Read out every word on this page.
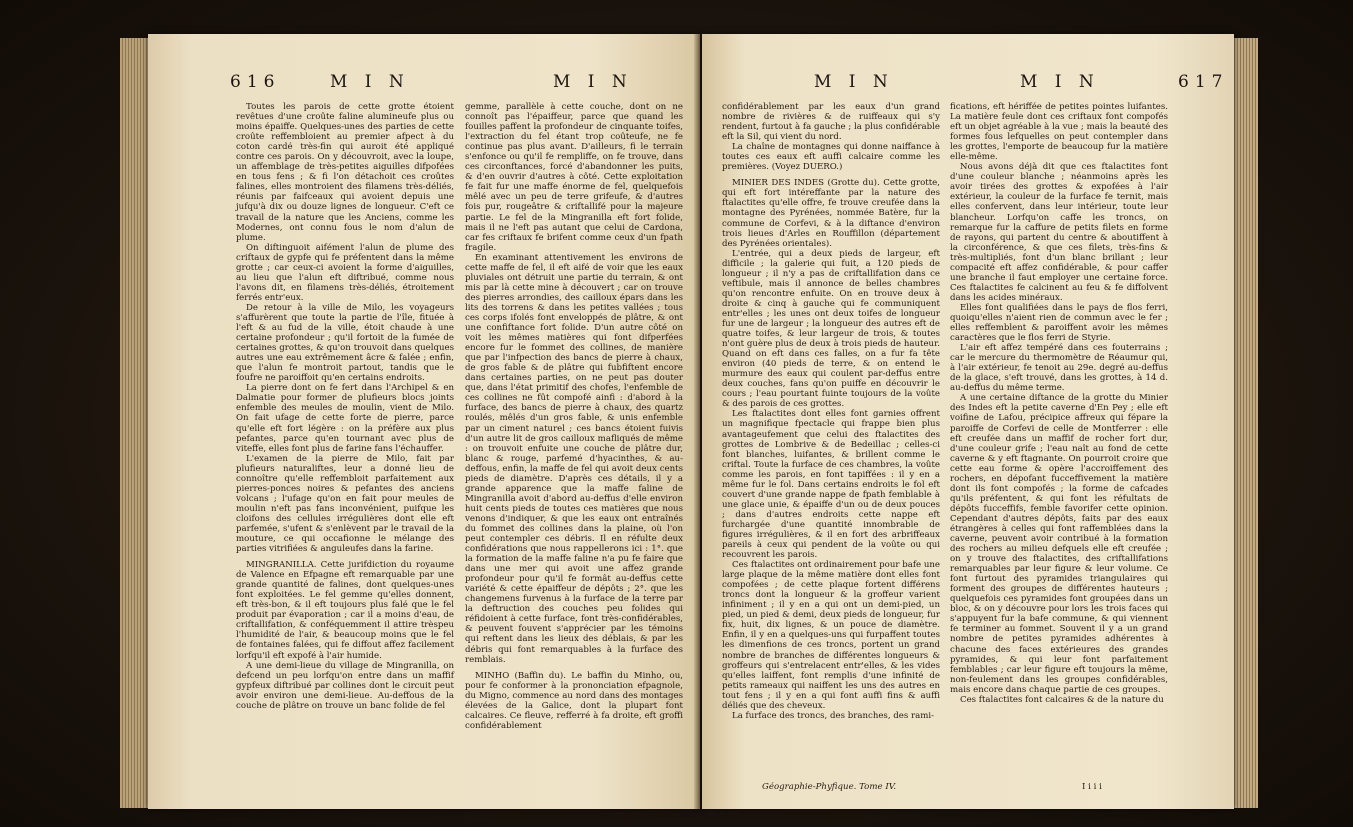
616	M I N	M I N

Toutes les parois de cette grotte étoient revêtues d'une croûte faline alumineufe plus ou moins épaiffe. Quelques-unes des parties de cette croûte reffembloient au premier afpect à du coton cardé très-fin qui auroit été appliqué contre ces parois. On y découvroit, avec la loupe, un affemblage de très-petites aiguilles difpofées en tous fens ; & fi l'on détachoit ces croûtes falines, elles montroient des filamens très-déliés, réunis par faifceaux qui avoient depuis une jufqu'à dix ou douze lignes de longueur. C'eft ce travail de la nature que les Anciens, comme les Modernes, ont connu fous le nom d'alun de plume.

On diftinguoit aifément l'alun de plume des criftaux de gypfe qui fe préfentent dans la même grotte ; car ceux-ci avoient la forme d'aiguilles, au lieu que l'alun eft diftribué, comme nous l'avons dit, en filamens très-déliés, étroitement ferrés entr'eux.

De retour à la ville de Milo, les voyageurs s'affurèrent que toute la partie de l'île, fituée à l'eft & au fud de la ville, étoit chaude à une certaine profondeur ; qu'il fortoit de la fumée de certaines grottes, & qu'on trouvoit dans quelques autres une eau extrêmement âcre & falée ; enfin, que l'alun fe montroit partout, tandis que le foufre ne paroiffoit qu'en certains endroits.

La pierre dont on fe fert dans l'Archipel & en Dalmatie pour former de plufieurs blocs joints enfemble des meules de moulin, vient de Milo. On fait ufage de cette forte de pierre, parce qu'elle eft fort légère : on la préfère aux plus pefantes, parce qu'en tournant avec plus de viteffe, elles font plus de farine fans l'échauffer.

L'examen de la pierre de Milo, fait par plufieurs naturaliftes, leur a donné lieu de connoître qu'elle reffembloit parfaitement aux pierres-ponces noires & pefantes des anciens volcans ; l'ufage qu'on en fait pour meules de moulin n'eft pas fans inconvénient, puifque les cloifons des cellules irrégulières dont elle eft parfemée, s'ufent & s'enlèvent par le travail de la mouture, ce qui occafionne le mélange des parties vitrifiées & anguleufes dans la farine.

MINGRANILLA. Cette jurifdiction du royaume de Valence en Efpagne eft remarquable par une grande quantité de falines, dont quelques-unes font exploitées. Le fel gemme qu'elles donnent, eft très-bon, & il eft toujours plus falé que le fel produit par évaporation ; car il a moins d'eau, de criftallifation, & conféquemment il attire trèspeu l'humidité de l'air, & beaucoup moins que le fel de fontaines falées, qui fe diffout affez facilement lorfqu'il eft expofé à l'air humide.

A une demi-lieue du village de Mingranilla, on defcend un peu lorfqu'on entre dans un maffif gypfeux diftribué par collines dont le circuit peut avoir environ une demi-lieue. Au-deffous de la couche de plâtre on trouve un banc folide de fel

gemme, parallèle à cette couche, dont on ne connoît pas l'épaiffeur, parce que quand les fouilles paffent la profondeur de cinquante toifes, l'extraction du fel étant trop coûteufe, ne fe continue pas plus avant. D'ailleurs, fi le terrain s'enfonce ou qu'il fe rempliffe, on fe trouve, dans ces circonftances, forcé d'abandonner les puits, & d'en ouvrir d'autres à côté. Cette exploitation fe fait fur une maffe énorme de fel, quelquefois mêlé avec un peu de terre grifeufe, & d'autres fois pur, rougeâtre & criftallifé pour la majeure partie. Le fel de la Mingranilla eft fort folide, mais il ne l'eft pas autant que celui de Cardona, car fes criftaux fe brifent comme ceux d'un fpath fragile.

En examinant attentivement les environs de cette maffe de fel, il eft aifé de voir que les eaux pluviales ont détruit une partie du terrain, & ont mis par là cette mine à découvert ; car on trouve des pierres arrondies, des cailloux épars dans les lits des torrens & dans les petites vallées ; tous ces corps ifolés font enveloppés de plâtre, & ont une confiftance fort folide. D'un autre côté on voit les mêmes matières qui font difperfées encore fur le fommet des collines, de manière que par l'infpection des bancs de pierre à chaux, de gros fable & de plâtre qui fubfiftent encore dans certaines parties, on ne peut pas douter que, dans l'état primitif des chofes, l'enfemble de ces collines ne fût compofé ainfi : d'abord à la furface, des bancs de pierre à chaux, des quartz roulés, mêlés d'un gros fable, & unis enfemble par un ciment naturel ; ces bancs étoient fuivis d'un autre lit de gros cailloux mafliqués de même : on trouvoit enfuite une couche de plâtre dur, blanc & rouge, parfemé d'hyacinthes, & au-deffous, enfin, la maffe de fel qui avoit deux cents pieds de diamètre. D'après ces détails, il y a grande apparence que la maffe faline de Mingranilla avoit d'abord au-deffus d'elle environ huit cents pieds de toutes ces matières que nous venons d'indiquer, & que les eaux ont entraînés du fommet des collines dans la plaine, où l'on peut contempler ces débris. Il en réfulte deux confidérations que nous rappellerons ici : 1°. que la formation de la maffe faline n'a pu fe faire que dans une mer qui avoit une affez grande profondeur pour qu'il fe formât au-deffus cette variété & cette épaiffeur de dépôts ; 2°. que les changemens furvenus à la furface de la terre par la deftruction des couches peu folides qui réfidoient à cette furface, font très-confidérables, & peuvent fouvent s'apprécier par les témoins qui reftent dans les lieux des déblais, & par les débris qui font remarquables à la furface des remblais.

MINHO (Baffin du). Le baffin du Minho, ou, pour fe conformer à la prononciation efpagnole, du Migno, commence au nord dans des montages élevées de la Galice, dont la plupart font calcaires. Ce fleuve, refferré à fa droite, eft groffi confidérablement

M I N	M I N	617

confidérablement par les eaux d'un grand nombre de rivières & de ruiffeaux qui s'y rendent, furtout à fa gauche ; la plus confidérable eft la Sil, qui vient du nord.

La chaîne de montagnes qui donne naiffance à toutes ces eaux eft auffi calcaire comme les premières. (Voyez DUERO.)

MINIER DES INDES (Grotte du). Cette grotte, qui eft fort intéreffante par la nature des ftalactites qu'elle offre, fe trouve creufée dans la montagne des Pyrénées, nommée Batère, fur la commune de Corfevi, & à la diftance d'environ trois lieues d'Arles en Rouffillon (département des Pyrénées orientales).

L'entrée, qui a deux pieds de largeur, eft difficile ; la galerie qui fuit, a 120 pieds de longueur ; il n'y a pas de criftallifation dans ce veftibule, mais il annonce de belles chambres qu'on rencontre enfuite. On en trouve deux à droite & cinq à gauche qui fe communiquent entr'elles ; les unes ont deux toifes de longueur fur une de largeur ; la longueur des autres eft de quatre toifes, & leur largeur de trois, & toutes n'ont guère plus de deux à trois pieds de hauteur. Quand on eft dans ces falles, on a fur fa tête environ (40 pieds de terre, & on entend le murmure des eaux qui coulent par-deffus entre deux couches, fans qu'on puiffe en découvrir le cours ; l'eau pourtant fuinte toujours de la voûte & des parois de ces grottes.

Les ftalactites dont elles font garnies offrent un magnifique fpectacle qui frappe bien plus avantageufement que celui des ftalactites des grottes de Lombrive & de Bedeillac ; celles-ci font blanches, luifantes, & brillent comme le criftal. Toute la furface de ces chambres, la voûte comme les parois, en font tapiffées : il y en a même fur le fol. Dans certains endroits le fol eft couvert d'une grande nappe de fpath femblable à une glace unie, & épaiffe d'un ou de deux pouces ; dans d'autres endroits cette nappe eft furchargée d'une quantité innombrable de figures irrégulières, & il en fort des arbriffeaux pareils à ceux qui pendent de la voûte ou qui recouvrent les parois.

Ces ftalactites ont ordinairement pour bafe une large plaque de la même matière dont elles font compofées ; de cette plaque fortent différens troncs dont la longueur & la groffeur varient infiniment ; il y en a qui ont un demi-pied, un pied, un pied & demi, deux pieds de longueur, fur fix, huit, dix lignes, & un pouce de diamètre. Enfin, il y en a quelques-uns qui furpaffent toutes les dimenfions de ces troncs, portent un grand nombre de branches de différentes longueurs & groffeurs qui s'entrelacent entr'elles, & les vides qu'elles laiffent, font remplis d'une infinité de petits rameaux qui naiffent les uns des autres en tout fens ; il y en a qui font auffi fins & auffi déliés que des cheveux.

La furface des troncs, des branches, des rami-

fications, eft hériffée de petites pointes luifantes. La matière feule dont ces criftaux font compofés eft un objet agréable à la vue ; mais la beauté des formes fous lefquelles on peut contempler dans les grottes, l'emporte de beaucoup fur la matière elle-même.

Nous avons déjà dit que ces ftalactites font d'une couleur blanche ; néanmoins après les avoir tirées des grottes & expofées à l'air extérieur, la couleur de la furface fe ternit, mais elles confervent, dans leur intérieur, toute leur blancheur. Lorfqu'on caffe les troncs, on remarque fur la caffure de petits filets en forme de rayons, qui partent du centre & aboutiffent à la circonférence, & que ces filets, très-fins & très-multipliés, font d'un blanc brillant ; leur compacité eft affez confidérable, & pour caffer une branche il faut employer une certaine force. Ces ftalactites fe calcinent au feu & fe diffolvent dans les acides minéraux.

Elles font qualifiées dans le pays de flos ferri, quoiqu'elles n'aient rien de commun avec le fer ; elles reffemblent & paroiffent avoir les mêmes caractères que le flos ferri de Styrie.

L'air eft affez tempéré dans ces fouterrains ; car le mercure du thermomètre de Réaumur qui, à l'air extérieur, fe tenoit au 29e. degré au-deffus de la glace, s'eft trouvé, dans les grottes, à 14 d. au-deffus du même terme.

A une certaine diftance de la grotte du Minier des Indes eft la petite caverne d'En Pey ; elle eft voifine de Lafou, précipice affreux qui fépare la paroiffe de Corfevi de celle de Montferrer : elle eft creufée dans un maffif de rocher fort dur, d'une couleur grife ; l'eau naît au fond de cette caverne & y eft ftagnante. On pourroit croire que cette eau forme & opère l'accroiffement des rochers, en dépofant fucceffivement la matière dont ils font compofés ; la forme de cafcades qu'ils préfentent, & qui font les réfultats de dépôts fucceffifs, femble favorifer cette opinion. Cependant d'autres dépôts, faits par des eaux étrangères à celles qui font raffemblées dans la caverne, peuvent avoir contribué à la formation des rochers au milieu defquels elle eft creufée ; on y trouve des ftalactites, des criftallifations remarquables par leur figure & leur volume. Ce font furtout des pyramides triangulaires qui forment des groupes de différentes hauteurs ; quelquefois ces pyramides font groupées dans un bloc, & on y découvre pour lors les trois faces qui s'appuyent fur la bafe commune, & qui viennent fe terminer au fommet. Souvent il y a un grand nombre de petites pyramides adhérentes à chacune des faces extérieures des grandes pyramides, & qui leur font parfaitement femblables ; car leur figure eft toujours la même, non-feulement dans les groupes confidérables, mais encore dans chaque partie de ces groupes.

Ces ftalactites font calcaires & de la nature du

Géographie-Phyfique. Tome IV.	I i i i
